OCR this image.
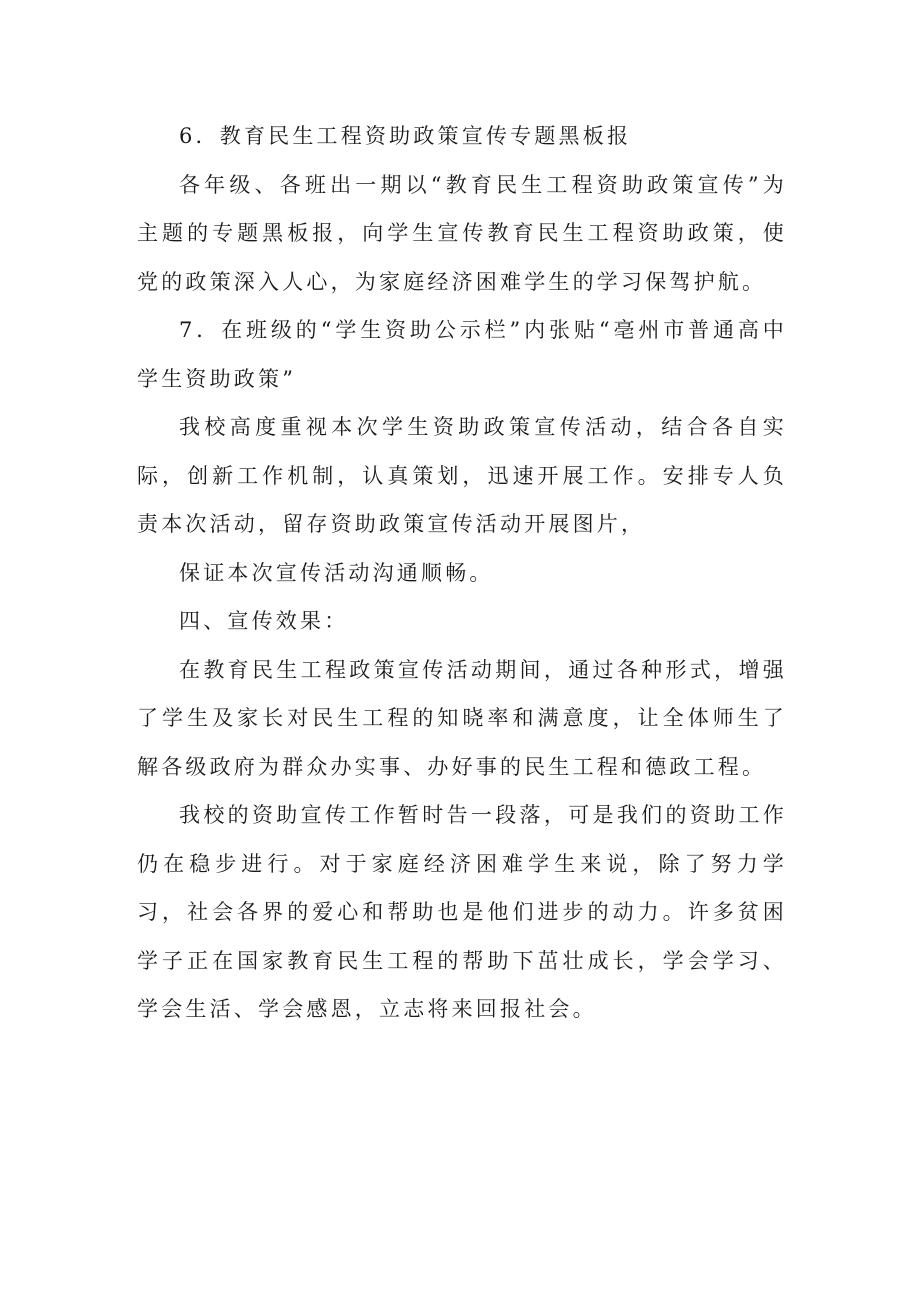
6．教育民生工程资助政策宣传专题黑板报

各年级、各班出一期以“教育民生工程资助政策宣传”为主题的专题黑板报，向学生宣传教育民生工程资助政策，使党的政策深入人心，为家庭经济困难学生的学习保驾护航。

7．在班级的“学生资助公示栏”内张贴“亳州市普通高中学生资助政策”

我校高度重视本次学生资助政策宣传活动，结合各自实际，创新工作机制，认真策划，迅速开展工作。安排专人负责本次活动，留存资助政策宣传活动开展图片，

保证本次宣传活动沟通顺畅。

四、宣传效果：

在教育民生工程政策宣传活动期间，通过各种形式，增强了学生及家长对民生工程的知晓率和满意度，让全体师生了解各级政府为群众办实事、办好事的民生工程和德政工程。

我校的资助宣传工作暂时告一段落，可是我们的资助工作仍在稳步进行。对于家庭经济困难学生来说，除了努力学习，社会各界的爱心和帮助也是他们进步的动力。许多贫困学子正在国家教育民生工程的帮助下茁壮成长，学会学习、学会生活、学会感恩，立志将来回报社会。
